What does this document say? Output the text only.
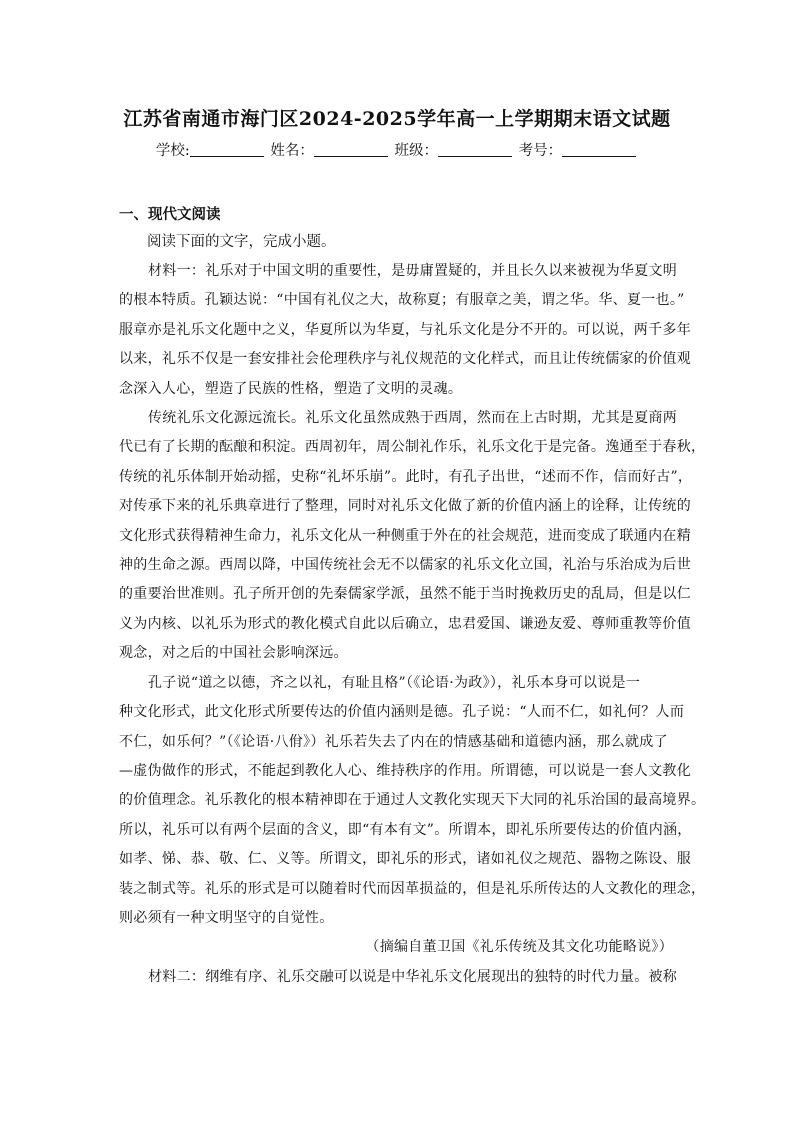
江苏省南通市海门区2024-2025学年高一上学期期末语文试题
学校:	姓名：	班级：	考号：
一、现代文阅读
阅读下面的文字，完成小题。

材料一：礼乐对于中国文明的重要性，是毋庸置疑的，并且长久以来被视为华夏文明
的根本特质。孔颖达说：“中国有礼仪之大，故称夏；有服章之美，谓之华。华、夏一也。”
服章亦是礼乐文化题中之义，华夏所以为华夏，与礼乐文化是分不开的。可以说，两千多年
以来，礼乐不仅是一套安排社会伦理秩序与礼仪规范的文化样式，而且让传统儒家的价值观
念深入人心，塑造了民族的性格，塑造了文明的灵魂。

传统礼乐文化源远流长。礼乐文化虽然成熟于西周，然而在上古时期，尤其是夏商两
代已有了长期的酝酿和积淀。西周初年，周公制礼作乐，礼乐文化于是完备。逸通至于春秋，
传统的礼乐体制开始动摇，史称“礼坏乐崩”。此时，有孔子出世，“述而不作，信而好古”，
对传承下来的礼乐典章进行了整理，同时对礼乐文化做了新的价值内涵上的诠释，让传统的
文化形式获得精神生命力，礼乐文化从一种侧重于外在的社会规范，进而变成了联通内在精
神的生命之源。西周以降，中国传统社会无不以儒家的礼乐文化立国，礼治与乐治成为后世
的重要治世准则。孔子所开创的先秦儒家学派，虽然不能于当时挽救历史的乱局，但是以仁
义为内核、以礼乐为形式的教化模式自此以后确立，忠君爱国、谦逊友爱、尊师重教等价值
观念，对之后的中国社会影响深远。

孔子说“道之以德，齐之以礼，有耻且格”（《论语·为政》），礼乐本身可以说是一
种文化形式，此文化形式所要传达的价值内涵则是德。孔子说：“人而不仁，如礼何？人而
不仁，如乐何？”（《论语·八佾》）礼乐若失去了内在的情感基础和道德内涵，那么就成了
—虚伪做作的形式，不能起到教化人心、维持秩序的作用。所谓德，可以说是一套人文教化
的价值理念。礼乐教化的根本精神即在于通过人文教化实现天下大同的礼乐治国的最高境界。
所以，礼乐可以有两个层面的含义，即“有本有文”。所谓本，即礼乐所要传达的价值内涵，
如孝、悌、恭、敬、仁、义等。所谓文，即礼乐的形式，诸如礼仪之规范、器物之陈设、服
装之制式等。礼乐的形式是可以随着时代而因革损益的，但是礼乐所传达的人文教化的理念，
则必须有一种文明坚守的自觉性。

（摘编自董卫国《礼乐传统及其文化功能略说》）

材料二：纲维有序、礼乐交融可以说是中华礼乐文化展现出的独特的时代力量。被称
